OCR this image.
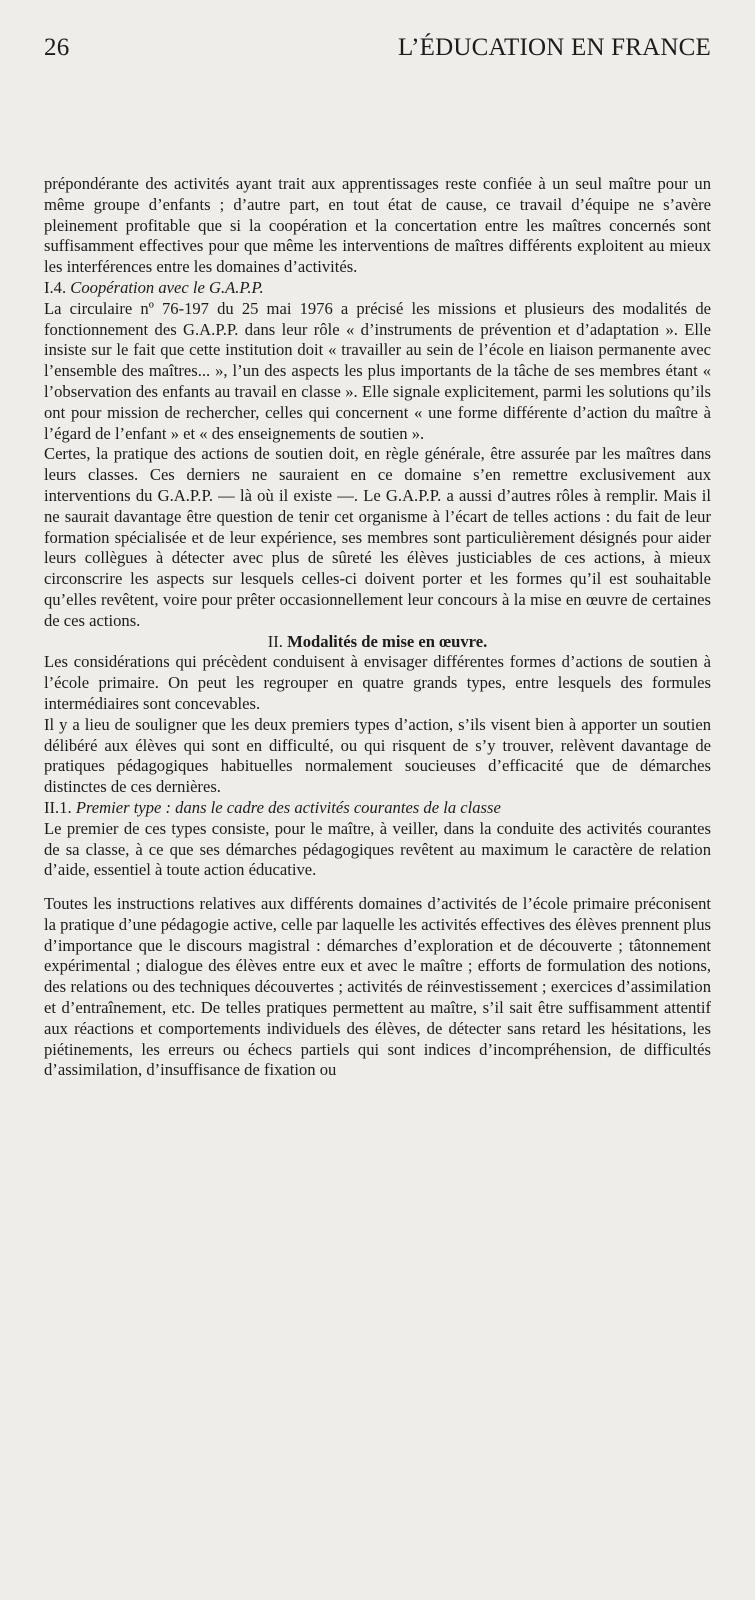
26	L’ÉDUCATION EN FRANCE

prépondérante des activités ayant trait aux apprentissages reste confiée à un seul maître pour un même groupe d’enfants ; d’autre part, en tout état de cause, ce travail d’équipe ne s’avère pleinement profitable que si la coopération et la concertation entre les maîtres concernés sont suffisamment effectives pour que même les interventions de maîtres différents exploitent au mieux les interférences entre les domaines d’activités.

I.4. Coopération avec le G.A.P.P.

La circulaire nº 76-197 du 25 mai 1976 a précisé les missions et plusieurs des modalités de fonctionnement des G.A.P.P. dans leur rôle « d’instruments de prévention et d’adaptation ». Elle insiste sur le fait que cette institution doit « travailler au sein de l’école en liaison permanente avec l’ensemble des maîtres... », l’un des aspects les plus importants de la tâche de ses membres étant « l’observation des enfants au travail en classe ». Elle signale explicitement, parmi les solutions qu’ils ont pour mission de rechercher, celles qui concernent « une forme différente d’action du maître à l’égard de l’enfant » et « des enseignements de soutien ».

Certes, la pratique des actions de soutien doit, en règle générale, être assurée par les maîtres dans leurs classes. Ces derniers ne sauraient en ce domaine s’en remettre exclusivement aux interventions du G.A.P.P. — là où il existe —. Le G.A.P.P. a aussi d’autres rôles à remplir. Mais il ne saurait davantage être question de tenir cet organisme à l’écart de telles actions : du fait de leur formation spécialisée et de leur expérience, ses membres sont particulièrement désignés pour aider leurs collègues à détecter avec plus de sûreté les élèves justiciables de ces actions, à mieux circonscrire les aspects sur lesquels celles-ci doivent porter et les formes qu’il est souhaitable qu’elles revêtent, voire pour prêter occasionnellement leur concours à la mise en œuvre de certaines de ces actions.

II. Modalités de mise en œuvre.

Les considérations qui précèdent conduisent à envisager différentes formes d’actions de soutien à l’école primaire. On peut les regrouper en quatre grands types, entre lesquels des formules intermédiaires sont concevables.

Il y a lieu de souligner que les deux premiers types d’action, s’ils visent bien à apporter un soutien délibéré aux élèves qui sont en difficulté, ou qui risquent de s’y trouver, relèvent davantage de pratiques pédagogiques habituelles normalement soucieuses d’efficacité que de démarches distinctes de ces dernières.

II.1. Premier type : dans le cadre des activités courantes de la classe

Le premier de ces types consiste, pour le maître, à veiller, dans la conduite des activités courantes de sa classe, à ce que ses démarches pédagogiques revêtent au maximum le caractère de relation d’aide, essentiel à toute action éducative.

Toutes les instructions relatives aux différents domaines d’activités de l’école primaire préconisent la pratique d’une pédagogie active, celle par laquelle les activités effectives des élèves prennent plus d’importance que le discours magistral : démarches d’exploration et de découverte ; tâtonnement expérimental ; dialogue des élèves entre eux et avec le maître ; efforts de formulation des notions, des relations ou des techniques découvertes ; activités de réinvestissement ; exercices d’assimilation et d’entraînement, etc. De telles pratiques permettent au maître, s’il sait être suffisamment attentif aux réactions et comportements individuels des élèves, de détecter sans retard les hésitations, les piétinements, les erreurs ou échecs partiels qui sont indices d’incompréhension, de difficultés d’assimilation, d’insuffisance de fixation ou
